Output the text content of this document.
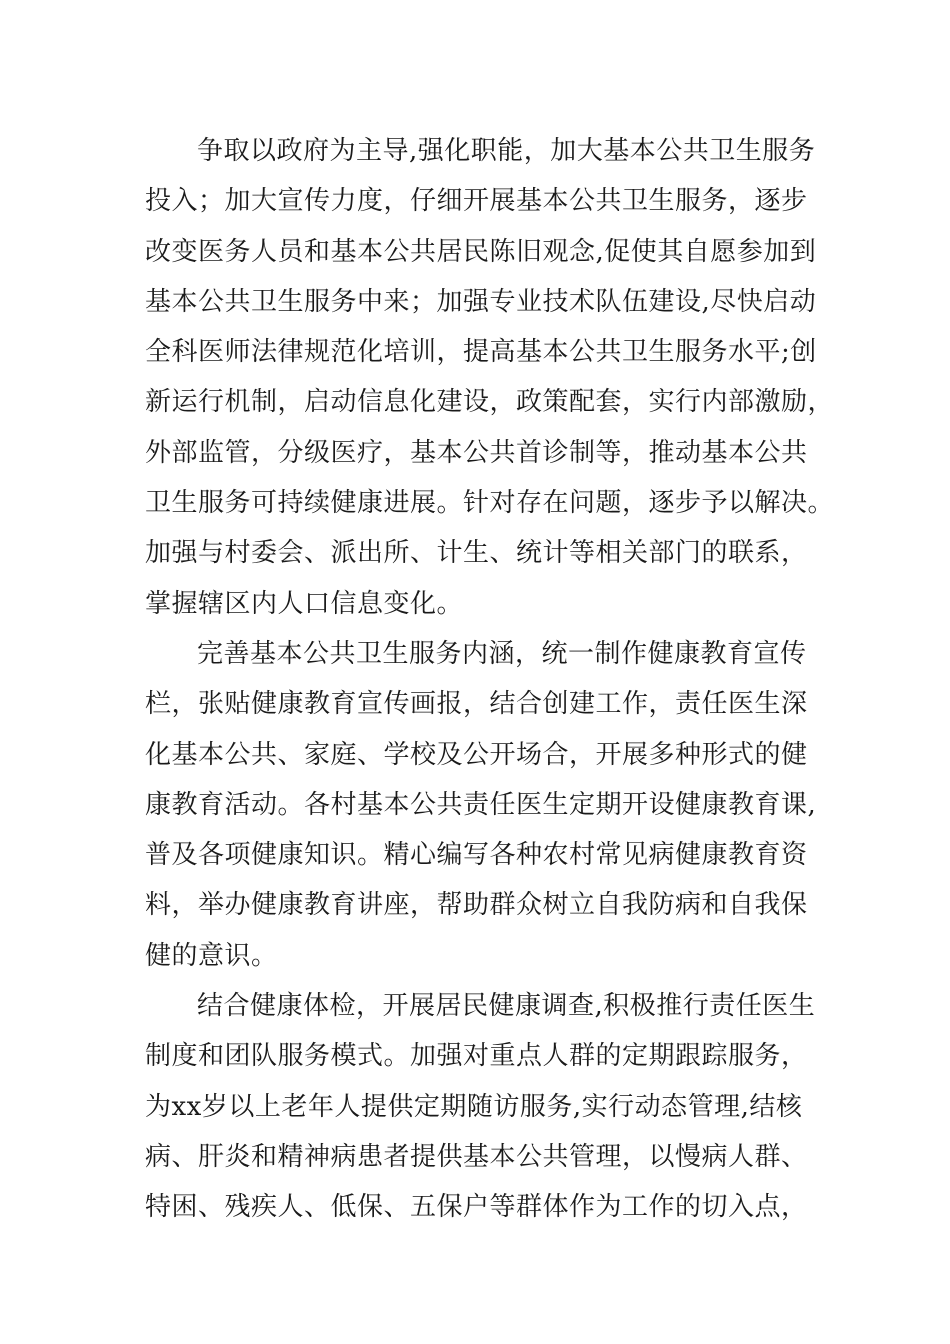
争取以政府为主导,强化职能，加大基本公共卫生服务
投入；加大宣传力度，仔细开展基本公共卫生服务，逐步
改变医务人员和基本公共居民陈旧观念,促使其自愿参加到
基本公共卫生服务中来；加强专业技术队伍建设,尽快启动
全科医师法律规范化培训，提高基本公共卫生服务水平;创
新运行机制，启动信息化建设，政策配套，实行内部激励，
外部监管，分级医疗，基本公共首诊制等，推动基本公共
卫生服务可持续健康进展。针对存在问题，逐步予以解决。
加强与村委会、派出所、计生、统计等相关部门的联系，
掌握辖区内人口信息变化。
完善基本公共卫生服务内涵，统一制作健康教育宣传
栏，张贴健康教育宣传画报，结合创建工作，责任医生深
化基本公共、家庭、学校及公开场合，开展多种形式的健
康教育活动。各村基本公共责任医生定期开设健康教育课,
普及各项健康知识。精心编写各种农村常见病健康教育资
料，举办健康教育讲座，帮助群众树立自我防病和自我保
健的意识。
结合健康体检，开展居民健康调查,积极推行责任医生
制度和团队服务模式。加强对重点人群的定期跟踪服务，
为xx岁以上老年人提供定期随访服务,实行动态管理,结核
病、肝炎和精神病患者提供基本公共管理，以慢病人群、
特困、残疾人、低保、五保户等群体作为工作的切入点，
